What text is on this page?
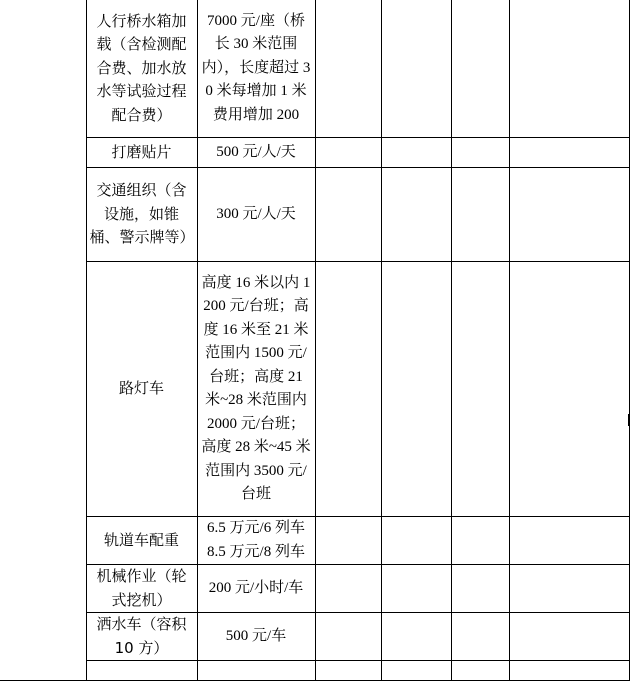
	人行桥水箱加载（含检测配合费、加水放水等试验过程配合费）	7000 元/座（桥长 30 米范围内），长度超过 30 米每增加 1 米费用增加 200				
	打磨贴片	500 元/人/天				
	交通组织（含设施，如锥桶、警示牌等）	300 元/人/天				
	路灯车	高度 16 米以内 1200 元/台班；高度 16 米至 21 米范围内 1500 元/台班；高度 21 米~28 米范围内 2000 元/台班；高度 28 米~45 米范围内 3500 元/台班				
	轨道车配重	6.5 万元/6 列车 8.5 万元/8 列车				
	机械作业（轮式挖机）	200 元/小时/车				
	洒水车（容积 10 方）	500 元/车				
